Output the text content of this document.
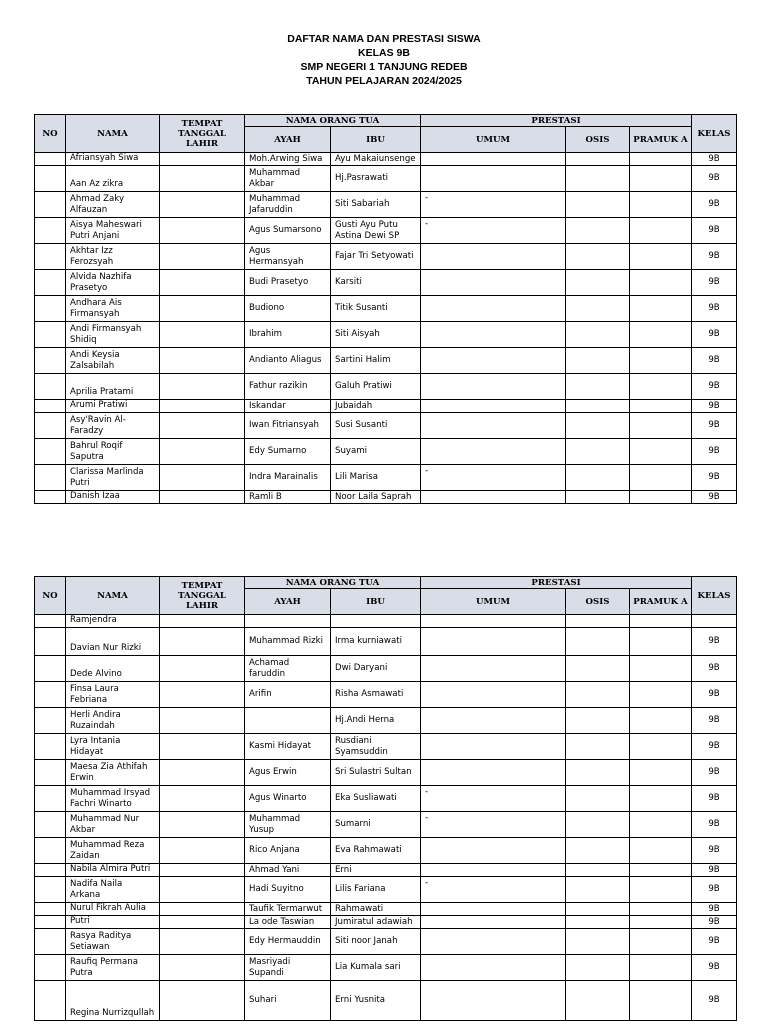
DAFTAR NAMA DAN PRESTASI SISWA
KELAS 9B
SMP NEGERI 1 TANJUNG REDEB
TAHUN PELAJARAN 2024/2025
NO	NAMA	TEMPAT TANGGAL LAHIR	NAMA ORANG TUA		PRESTASI			KELAS
			AYAH	IBU	UMUM	OSIS	PRAMUK A	
	Afriansyah Siwa		Moh.Arwing Siwa	Ayu Makaiunsenge				9B
	Aan Az zikra		Muhammad Akbar	Hj.Pasrawati				9B
	Ahmad Zaky Alfauzan		Muhammad Jafaruddin	Siti Sabariah	-			9B
	Aisya Maheswari Putri Anjani		Agus Sumarsono	Gusti Ayu Putu Astina Dewi SP	-			9B
	Akhtar Izz Ferozsyah		Agus Hermansyah	Fajar Tri Setyowati				9B
	Alvida Nazhifa Prasetyo		Budi Prasetyo	Karsiti				9B
	Andhara Ais Firmansyah		Budiono	Titik Susanti				9B
	Andi Firmansyah Shidiq		Ibrahim	Siti Aisyah				9B
	Andi Keysia Zalsabilah		Andianto Aliagus	Sartini Halim				9B
	Aprilia Pratami		Fathur razikin	Galuh Pratiwi				9B
	Arumi Pratiwi		Iskandar	Jubaidah				9B
	Asy'Ravin Al-Faradzy		Iwan Fitriansyah	Susi Susanti				9B
	Bahrul Roqif Saputra		Edy Sumarno	Suyami				9B
	Clarissa Marlinda Putri		Indra Marainalis	Lili Marisa	-			9B
	Danish Izaa		Ramli B	Noor Laila Saprah				9B
NO	NAMA	TEMPAT TANGGAL LAHIR	NAMA ORANG TUA		PRESTASI			KELAS
			AYAH	IBU	UMUM	OSIS	PRAMUK A	
	Ramjendra							
	Davian Nur Rizki		Muhammad Rizki	Irma kurniawati				9B
	Dede Alvino		Achamad faruddin	Dwi Daryani				9B
	Finsa Laura Febriana		Arifin	Risha Asmawati				9B
	Herli Andira Ruzaindah			Hj.Andi Herna				9B
	Lyra Intania Hidayat		Kasmi Hidayat	Rusdiani Syamsuddin				9B
	Maesa Zia Athifah Erwin		Agus Erwin	Sri Sulastri Sultan				9B
	Muhammad Irsyad Fachri Winarto		Agus Winarto	Eka Susliawati	-			9B
	Muhammad Nur Akbar		Muhammad Yusup	Sumarni	-			9B
	Muhammad Reza Zaidan		Rico Anjana	Eva Rahmawati				9B
	Nabila Almira Putri		Ahmad Yani	Erni				9B
	Nadifa Naila Arkana		Hadi Suyitno	Lilis Fariana	-			9B
	Nurul Fikrah Aulia		Taufik Termarwut	Rahmawati				9B
	Putri		La ode Taswian	Jumiratul adawiah				9B
	Rasya Raditya Setiawan		Edy Hermauddin	Siti noor Janah				9B
	Raufiq Permana Putra		Masriyadi Supandi	Lia Kumala sari				9B
	Regina Nurrizqullah		Suhari	Erni Yusnita				9B
